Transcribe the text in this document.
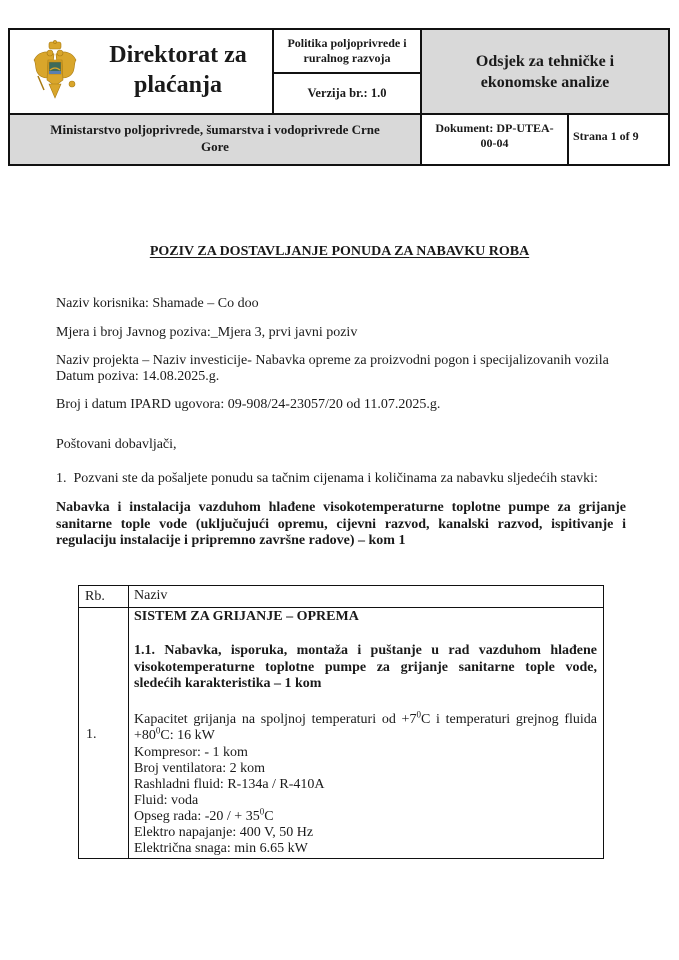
Direktorat za
plaćanja
Politika poljoprivrede i
ruralnog razvoja
Verzija br.: 1.0
Odsjek za tehničke i
ekonomske analize
Ministarstvo poljoprivrede, šumarstva i vodoprivrede Crne
Gore
Dokument: DP-UTEA-
00-04	Strana 1 of 9
POZIV ZA DOSTAVLJANJE PONUDA ZA NABAVKU ROBA
Naziv korisnika: Shamade – Co doo
Mjera i broj Javnog poziva:_Mjera 3, prvi javni poziv
Naziv projekta – Naziv investicije- Nabavka opreme za proizvodni pogon i specijalizovanih vozila
Datum poziva: 14.08.2025.g.
Broj i datum IPARD ugovora: 09-908/24-23057/20 od 11.07.2025.g.
Poštovani dobavljači,
1.  Pozvani ste da pošaljete ponudu sa tačnim cijenama i količinama za nabavku sljedećih stavki:
Nabavka i instalacija vazduhom hlađene visokotemperaturne toplotne pumpe za grijanje sanitarne tople vode (uključujući opremu, cijevni razvod, kanalski razvod, ispitivanje i regulaciju instalacije i pripremno završne radove) – kom 1
Rb. Naziv
1.
SISTEM ZA GRIJANJE – OPREMA
1.1. Nabavka, isporuka, montaža i puštanje u rad vazduhom hlađene visokotemperaturne toplotne pumpe za grijanje sanitarne tople vode, sledećih karakteristika – 1 kom
Kapacitet grijanja na spoljnoj temperaturi od $+7^0C$ i temperaturi grejnog fluida $+80^0C$: 16 kW
Kompresor: - 1 kom
Broj ventilatora: 2 kom
Rashladni fluid: R-134a / R-410A
Fluid: voda
Opseg rada: -20 / + $35^0C$
Elektro napajanje: 400 V, 50 Hz
Električna snaga: min 6.65 kW
